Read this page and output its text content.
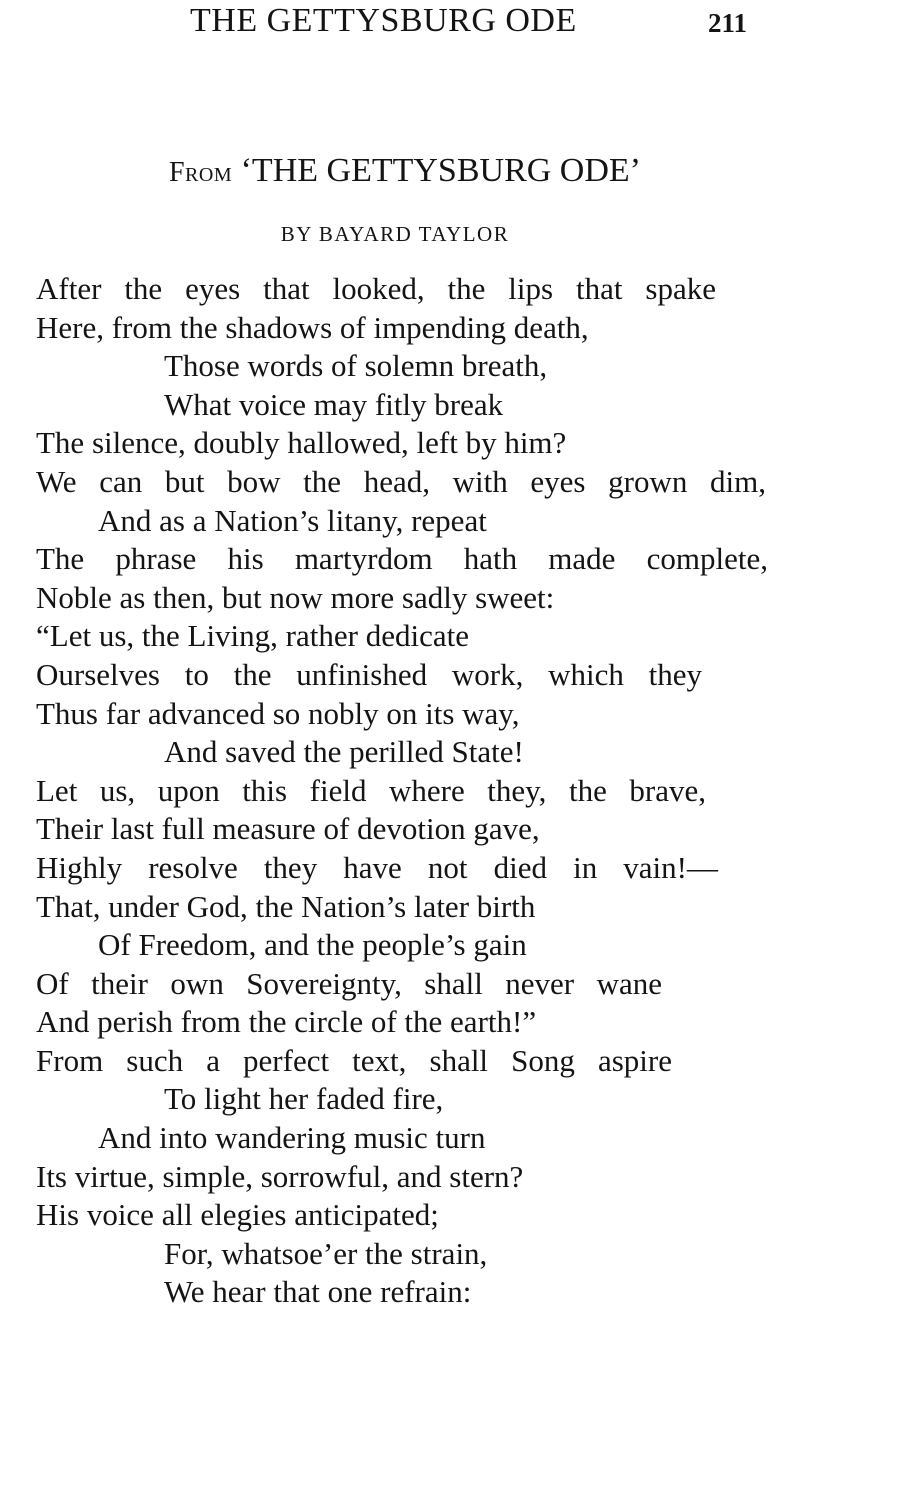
THE GETTYSBURG ODE	211
From ‘THE GETTYSBURG ODE’
BY BAYARD TAYLOR
After the eyes that looked, the lips that spake
Here, from the shadows of impending death,
Those words of solemn breath,
What voice may fitly break
The silence, doubly hallowed, left by him?
We can but bow the head, with eyes grown dim,
And as a Nation’s litany, repeat
The phrase his martyrdom hath made complete,
Noble as then, but now more sadly sweet:
“Let us, the Living, rather dedicate
Ourselves to the unfinished work, which they
Thus far advanced so nobly on its way,
And saved the perilled State!
Let us, upon this field where they, the brave,
Their last full measure of devotion gave,
Highly resolve they have not died in vain!—
That, under God, the Nation’s later birth
Of Freedom, and the people’s gain
Of their own Sovereignty, shall never wane
And perish from the circle of the earth!”
From such a perfect text, shall Song aspire
To light her faded fire,
And into wandering music turn
Its virtue, simple, sorrowful, and stern?
His voice all elegies anticipated;
For, whatsoe’er the strain,
We hear that one refrain:
